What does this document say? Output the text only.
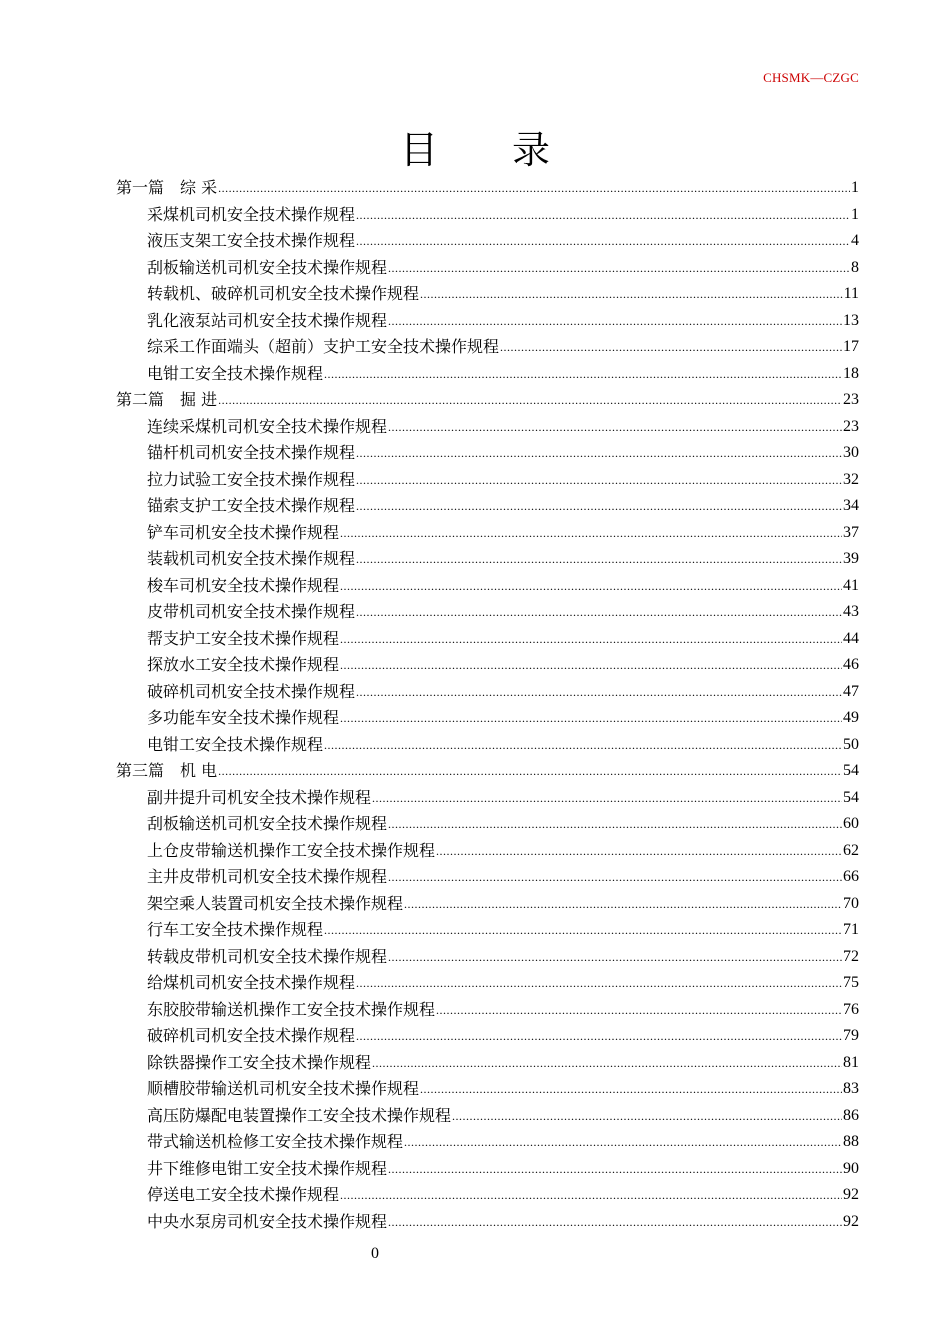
CHSMK—CZGC
目录
第一篇　综 采 .....	1
采煤机司机安全技术操作规程 .....	1
液压支架工安全技术操作规程 .....	4
刮板输送机司机安全技术操作规程 .....	8
转载机、破碎机司机安全技术操作规程 .....	11
乳化液泵站司机安全技术操作规程 .....	13
综采工作面端头（超前）支护工安全技术操作规程 .....	17
电钳工安全技术操作规程 .....	18
第二篇　掘 进 .....	23
连续采煤机司机安全技术操作规程 .....	23
锚杆机司机安全技术操作规程 .....	30
拉力试验工安全技术操作规程 .....	32
锚索支护工安全技术操作规程 .....	34
铲车司机安全技术操作规程 .....	37
装载机司机安全技术操作规程 .....	39
梭车司机安全技术操作规程 .....	41
皮带机司机安全技术操作规程 .....	43
帮支护工安全技术操作规程 .....	44
探放水工安全技术操作规程 .....	46
破碎机司机安全技术操作规程 .....	47
多功能车安全技术操作规程 .....	49
电钳工安全技术操作规程 .....	50
第三篇　机 电 .....	54
副井提升司机安全技术操作规程 .....	54
刮板输送机司机安全技术操作规程 .....	60
上仓皮带输送机操作工安全技术操作规程 .....	62
主井皮带机司机安全技术操作规程 .....	66
架空乘人装置司机安全技术操作规程 .....	70
行车工安全技术操作规程 .....	71
转载皮带机司机安全技术操作规程 .....	72
给煤机司机安全技术操作规程 .....	75
东胶胶带输送机操作工安全技术操作规程 .....	76
破碎机司机安全技术操作规程 .....	79
除铁器操作工安全技术操作规程 .....	81
顺槽胶带输送机司机安全技术操作规程 .....	83
高压防爆配电装置操作工安全技术操作规程 .....	86
带式输送机检修工安全技术操作规程 .....	88
井下维修电钳工安全技术操作规程 .....	90
停送电工安全技术操作规程 .....	92
中央水泵房司机安全技术操作规程 .....	92
0
